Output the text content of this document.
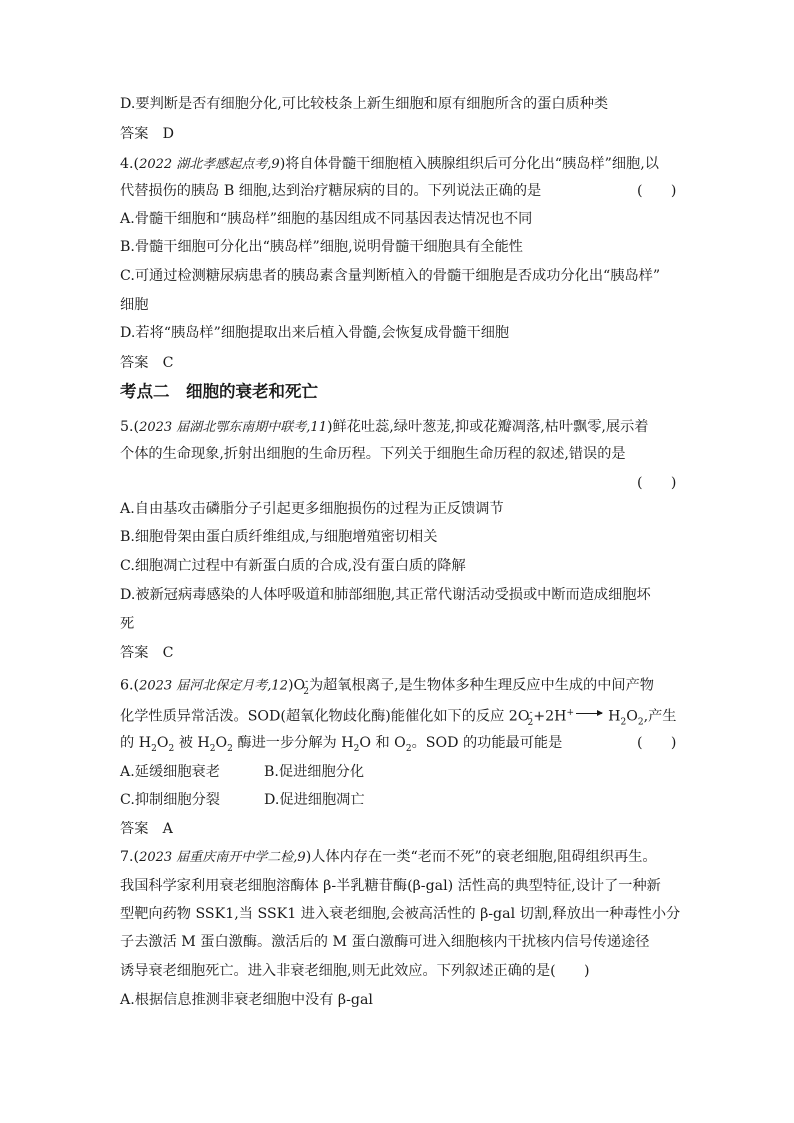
D.要判断是否有细胞分化,可比较枝条上新生细胞和原有细胞所含的蛋白质种类
答案　D
4.(2022 湖北孝感起点考,9)将自体骨髓干细胞植入胰腺组织后可分化出“胰岛样”细胞,以
代替损伤的胰岛 B 细胞,达到治疗糖尿病的目的。下列说法正确的是	(　　)
A.骨髓干细胞和“胰岛样”细胞的基因组成不同基因表达情况也不同
B.骨髓干细胞可分化出“胰岛样”细胞,说明骨髓干细胞具有全能性
C.可通过检测糖尿病患者的胰岛素含量判断植入的骨髓干细胞是否成功分化出“胰岛样”
细胞
D.若将“胰岛样”细胞提取出来后植入骨髓,会恢复成骨髓干细胞
答案　C
考点二　细胞的衰老和死亡
5.(2023 届湖北鄂东南期中联考,11)鲜花吐蕊,绿叶葱茏,抑或花瓣凋落,枯叶飘零,展示着
个体的生命现象,折射出细胞的生命历程。下列关于细胞生命历程的叙述,错误的是
(　　)
A.自由基攻击磷脂分子引起更多细胞损伤的过程为正反馈调节
B.细胞骨架由蛋白质纤维组成,与细胞增殖密切相关
C.细胞凋亡过程中有新蛋白质的合成,没有蛋白质的降解
D.被新冠病毒感染的人体呼吸道和肺部细胞,其正常代谢活动受损或中断而造成细胞坏
死
答案　C
6.(2023 届河北保定月考$,12)O^-_2$为超氧根离子,是生物体多种生理反应中生成的中间产物
化学性质异常活泼。SOD(超氧化物歧化酶)能催化如下的反应 $2O^-_2+2H^+ \to H_2O_2$,产生
的 $H_2O_2$ 被 $H_2O_2$ 酶进一步分解为 $H_2O$ 和 $O_2$。SOD 的功能最可能是	(　　)
A.延缓细胞衰老	B.促进细胞分化
C.抑制细胞分裂	D.促进细胞凋亡
答案　A
7.(2023 届重庆南开中学二检,9)人体内存在一类“老而不死”的衰老细胞,阻碍组织再生。
我国科学家利用衰老细胞溶酶体 β-半乳糖苷酶(β-gal) 活性高的典型特征,设计了一种新
型靶向药物 SSK1,当 SSK1 进入衰老细胞,会被高活性的 β-gal 切割,释放出一种毒性小分
子去激活 M 蛋白激酶。激活后的 M 蛋白激酶可进入细胞核内干扰核内信号传递途径
诱导衰老细胞死亡。进入非衰老细胞,则无此效应。下列叙述正确的是(　　)
A.根据信息推测非衰老细胞中没有 β-gal
